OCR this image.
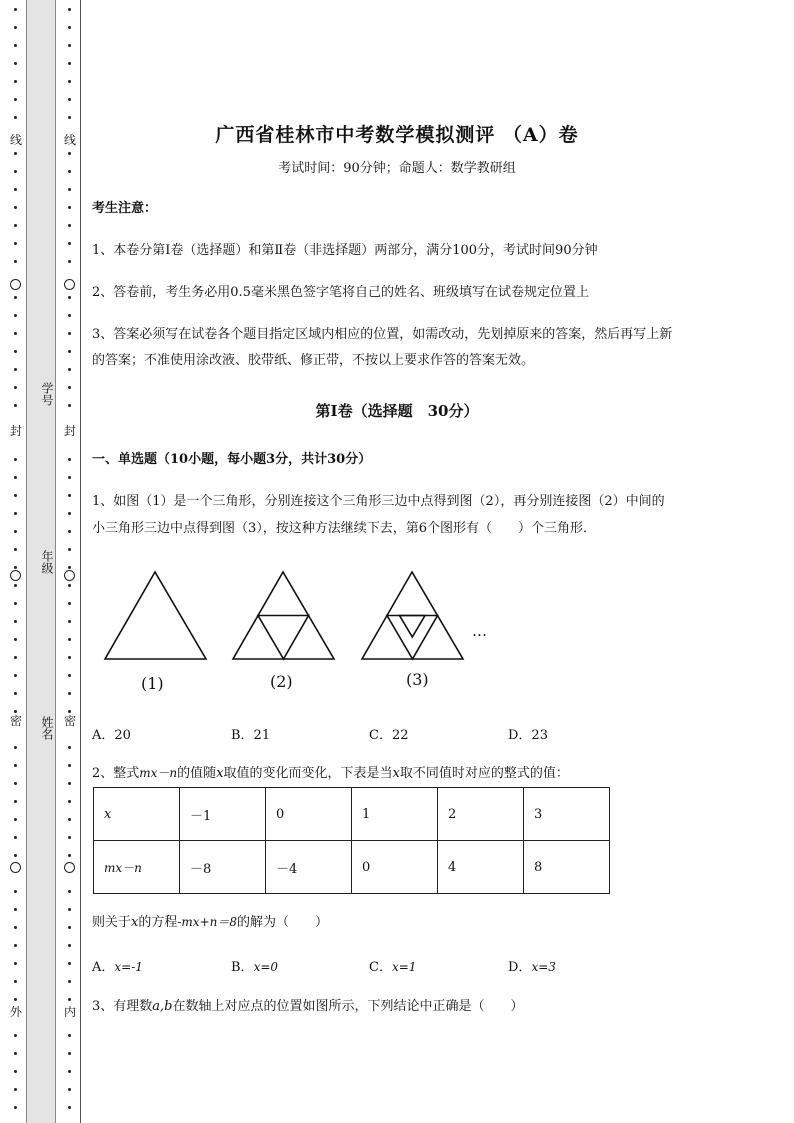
线
封
密
外
学号
年级
姓名
线
封
密
内
广西省桂林市中考数学模拟测评 （A）卷
考试时间：90分钟；命题人：数学教研组
考生注意：
1、本卷分第I卷（选择题）和第Ⅱ卷（非选择题）两部分，满分100分，考试时间90分钟
2、答卷前，考生务必用0.5毫米黑色签字笔将自己的姓名、班级填写在试卷规定位置上
3、答案必须写在试卷各个题目指定区域内相应的位置，如需改动，先划掉原来的答案，然后再写上新
的答案；不准使用涂改液、胶带纸、修正带，不按以上要求作答的答案无效。
第I卷（选择题　30分）
一、单选题（10小题，每小题3分，共计30分）
1、如图（1）是一个三角形，分别连接这个三角形三边中点得到图（2），再分别连接图（2）中间的
小三角形三边中点得到图（3），按这种方法继续下去，第6个图形有（　　）个三角形．
…
(1)	(2)	(3)
A．20	B．21	C．22	D．23
2、整式mx－n的值随x取值的变化而变化，下表是当x取不同值时对应的整式的值：
x	－1	0	1	2	3
mx－n	－8	－4	0	4	8
则关于x的方程-mx+n＝8的解为（　　）
A．x=-1	B．x=0	C．x=1	D．x=3
3、有理数a,b在数轴上对应点的位置如图所示，下列结论中正确是（　　）
